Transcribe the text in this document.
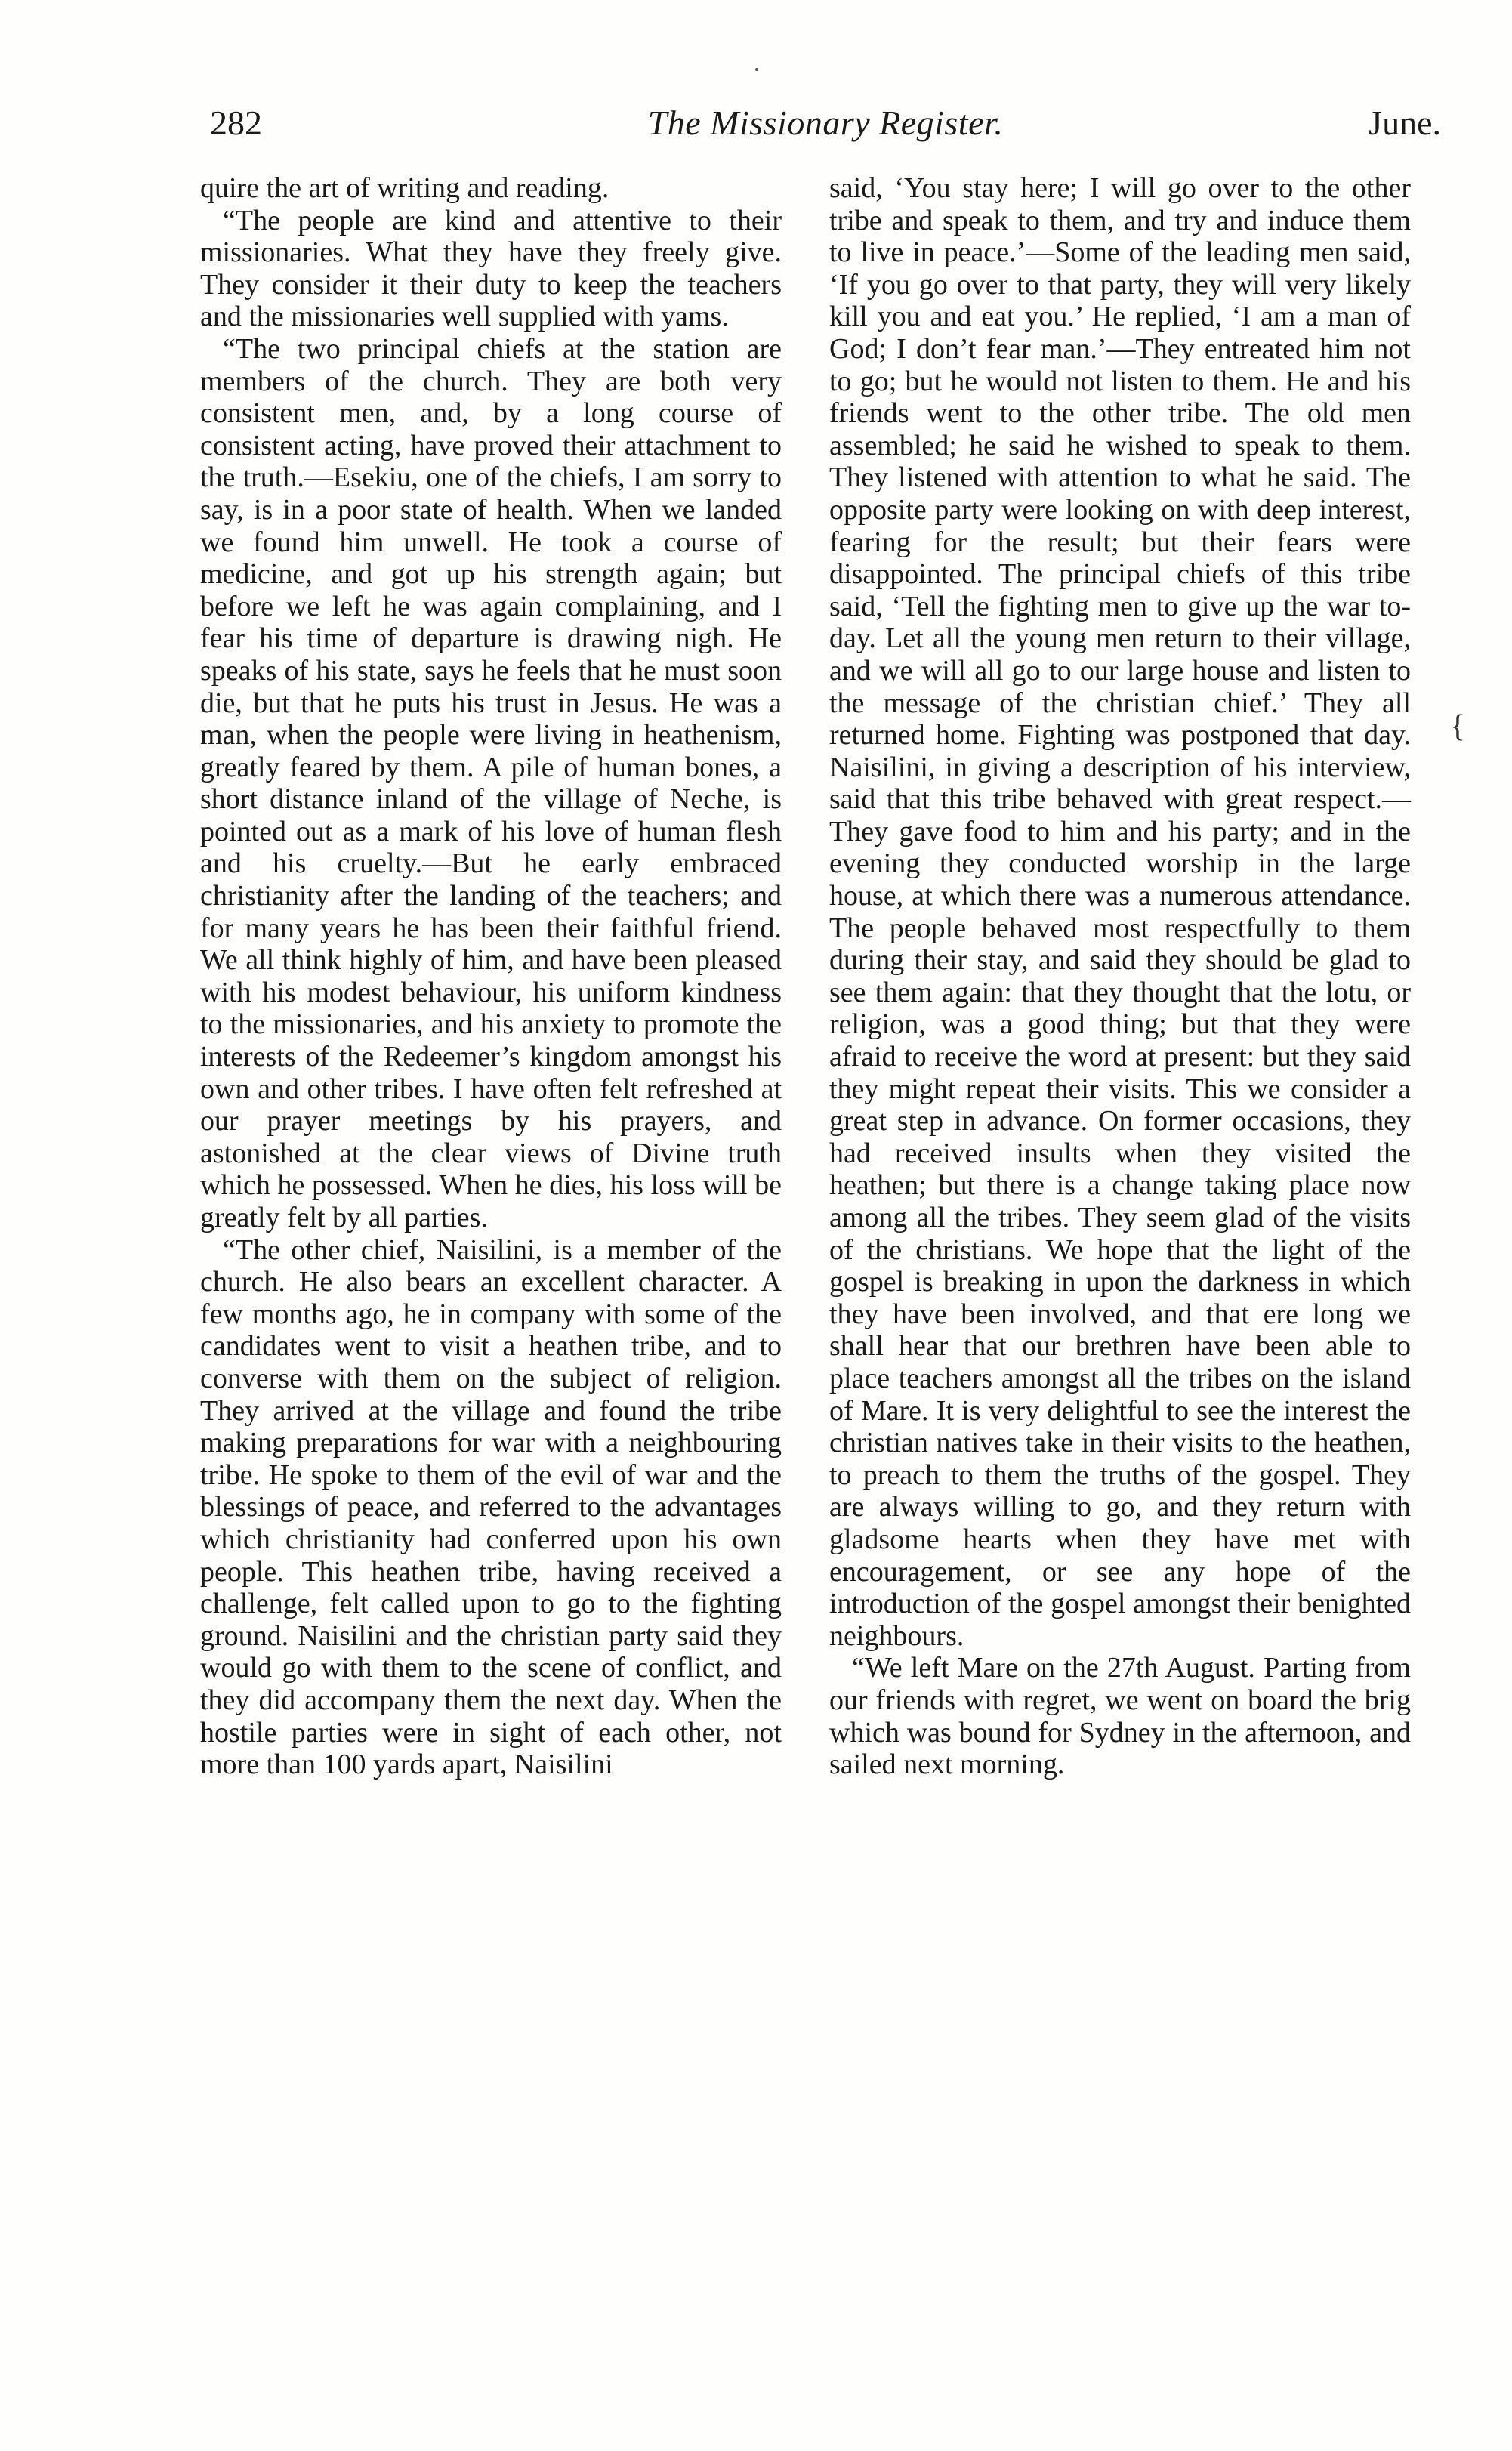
282	The Missionary Register.	June.

quire the art of writing and reading.

“The people are kind and attentive to their missionaries. What they have they freely give. They consider it their duty to keep the teachers and the missionaries well supplied with yams.

“The two principal chiefs at the station are members of the church. They are both very consistent men, and, by a long course of consistent acting, have proved their attachment to the truth.—Esekiu, one of the chiefs, I am sorry to say, is in a poor state of health. When we landed we found him unwell. He took a course of medicine, and got up his strength again; but before we left he was again complaining, and I fear his time of departure is drawing nigh. He speaks of his state, says he feels that he must soon die, but that he puts his trust in Jesus. He was a man, when the people were living in heathenism, greatly feared by them. A pile of human bones, a short distance inland of the village of Neche, is pointed out as a mark of his love of human flesh and his cruelty.—But he early embraced christianity after the landing of the teachers; and for many years he has been their faithful friend. We all think highly of him, and have been pleased with his modest behaviour, his uniform kindness to the missionaries, and his anxiety to promote the interests of the Redeemer’s kingdom amongst his own and other tribes. I have often felt refreshed at our prayer meetings by his prayers, and astonished at the clear views of Divine truth which he possessed. When he dies, his loss will be greatly felt by all parties.

“The other chief, Naisilini, is a member of the church. He also bears an excellent character. A few months ago, he in company with some of the candidates went to visit a heathen tribe, and to converse with them on the subject of religion. They arrived at the village and found the tribe making preparations for war with a neighbouring tribe. He spoke to them of the evil of war and the blessings of peace, and referred to the advantages which christianity had conferred upon his own people. This heathen tribe, having received a challenge, felt called upon to go to the fighting ground. Naisilini and the christian party said they would go with them to the scene of conflict, and they did accompany them the next day. When the hostile parties were in sight of each other, not more than 100 yards apart, Naisilini

said, ‘You stay here; I will go over to the other tribe and speak to them, and try and induce them to live in peace.’—Some of the leading men said, ‘If you go over to that party, they will very likely kill you and eat you.’ He replied, ‘I am a man of God; I don’t fear man.’—They entreated him not to go; but he would not listen to them. He and his friends went to the other tribe. The old men assembled; he said he wished to speak to them. They listened with attention to what he said. The opposite party were looking on with deep interest, fearing for the result; but their fears were disappointed. The principal chiefs of this tribe said, ‘Tell the fighting men to give up the war to-day. Let all the young men return to their village, and we will all go to our large house and listen to the message of the christian chief.’ They all returned home. Fighting was postponed that day. Naisilini, in giving a description of his interview, said that this tribe behaved with great respect.—They gave food to him and his party; and in the evening they conducted worship in the large house, at which there was a numerous attendance. The people behaved most respectfully to them during their stay, and said they should be glad to see them again: that they thought that the lotu, or religion, was a good thing; but that they were afraid to receive the word at present: but they said they might repeat their visits. This we consider a great step in advance. On former occasions, they had received insults when they visited the heathen; but there is a change taking place now among all the tribes. They seem glad of the visits of the christians. We hope that the light of the gospel is breaking in upon the darkness in which they have been involved, and that ere long we shall hear that our brethren have been able to place teachers amongst all the tribes on the island of Mare. It is very delightful to see the interest the christian natives take in their visits to the heathen, to preach to them the truths of the gospel. They are always willing to go, and they return with gladsome hearts when they have met with encouragement, or see any hope of the introduction of the gospel amongst their benighted neighbours.

“We left Mare on the 27th August. Parting from our friends with regret, we went on board the brig which was bound for Sydney in the afternoon, and sailed next morning.

{
